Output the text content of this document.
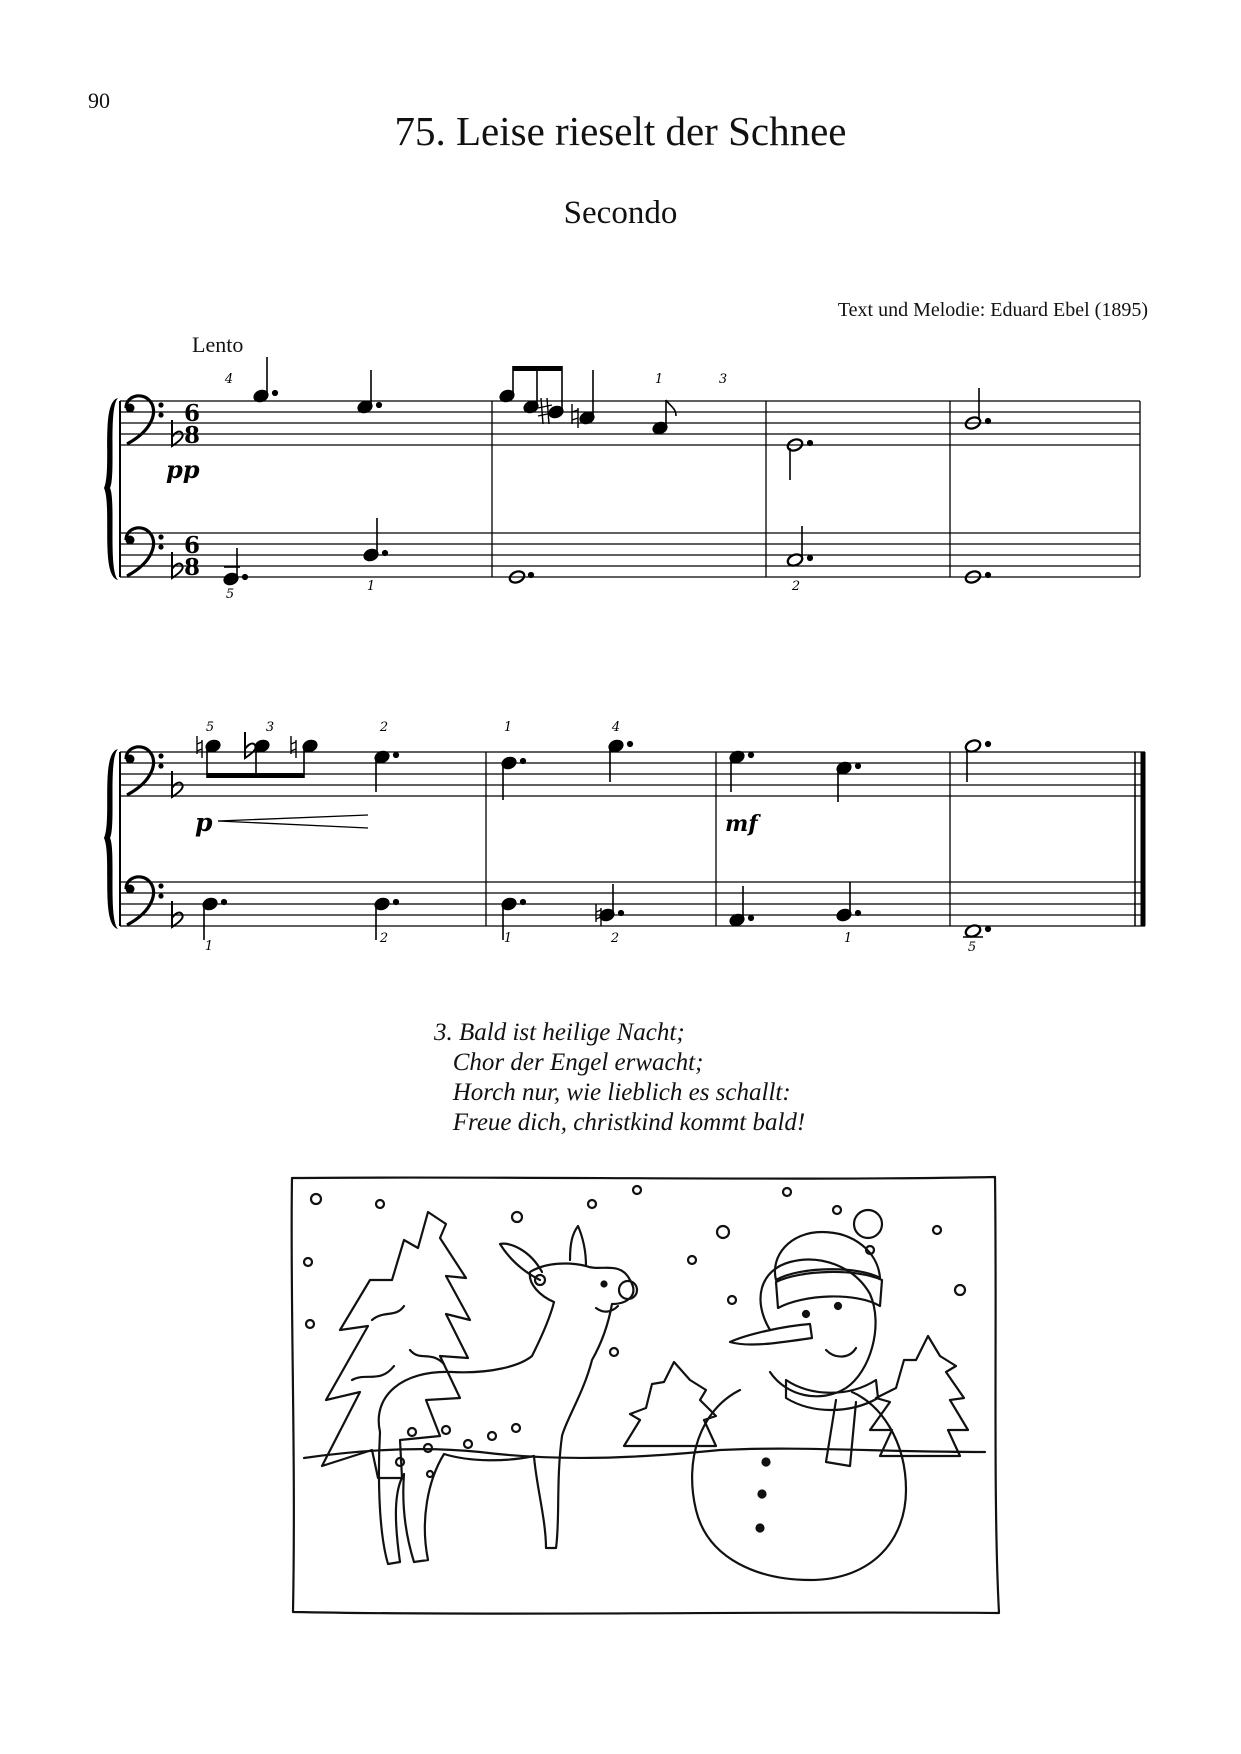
90
75. Leise rieselt der Schnee
Secondo
Text und Melodie: Eduard Ebel (1895)
Lento
6
8
6
8
pp
p	mf
4	1	3
5
1	2
5	3	2	1	4
1
2	1	2	1
5
3. Bald ist heilige Nacht;
Chor der Engel erwacht;
Horch nur, wie lieblich es schallt:
Freue dich, christkind kommt bald!
